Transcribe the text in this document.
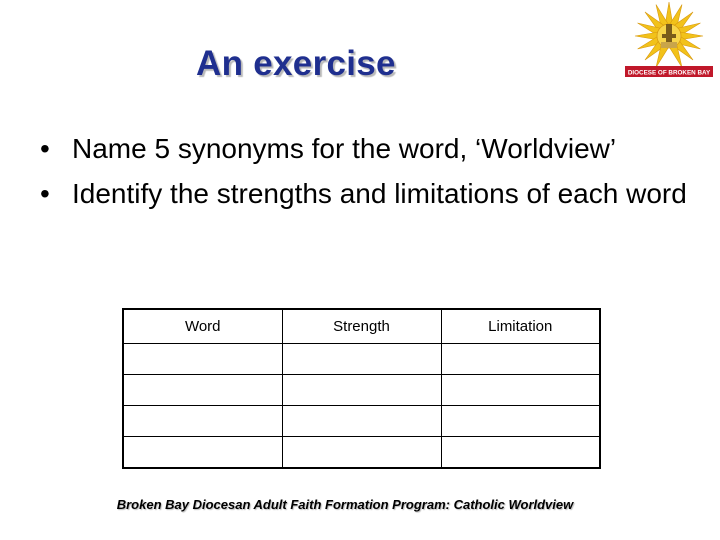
An exercise	DIOCESE OF BROKEN BAY
• Name 5 synonyms for the word, ‘Worldview’
• Identify the strengths and limitations of each word
Word	Strength	Limitation

Broken Bay Diocesan Adult Faith Formation Program: Catholic Worldview
